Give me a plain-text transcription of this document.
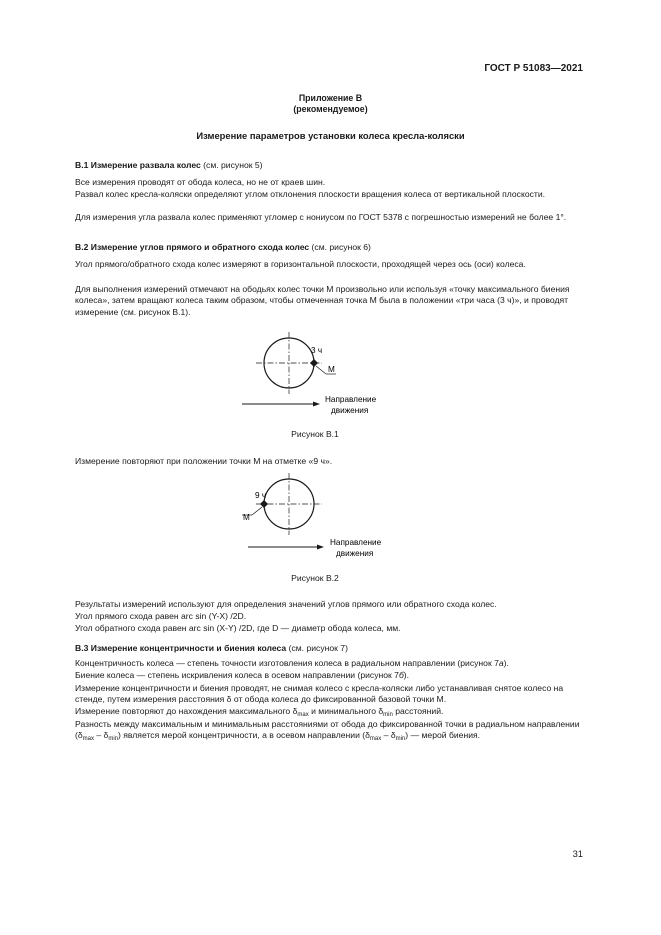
ГОСТ Р 51083—2021
Приложение В
(рекомендуемое)
Измерение параметров установки колеса кресла-коляски
В.1 Измерение развала колес (см. рисунок 5)
Все измерения проводят от обода колеса, но не от краев шин.
Развал колес кресла-коляски определяют углом отклонения плоскости вращения колеса от вертикальной плоскости.
Для измерения угла развала колес применяют угломер с нониусом по ГОСТ 5378 с погрешностью измерений не более 1°.
В.2 Измерение углов прямого и обратного схода колес (см. рисунок 6)
Угол прямого/обратного схода колес измеряют в горизонтальной плоскости, проходящей через ось (оси) колеса.
Для выполнения измерений отмечают на ободьях колес точки М произвольно или используя «точку максимального биения колеса», затем вращают колеса таким образом, чтобы отмеченная точка М была в положении «три часа (3 ч)», и проводят измерение (см. рисунок В.1).
3 ч
М
Направление
движения
Рисунок В.1
Измерение повторяют при положении точки М на отметке «9 ч».
9 ч
М
Направление
движения
Рисунок В.2
Результаты измерений используют для определения значений углов прямого или обратного схода колес.
Угол прямого схода равен arc sin (Y-X) /2D.
Угол обратного схода равен arc sin (X-Y) /2D, где D — диаметр обода колеса, мм.
В.3 Измерение концентричности и биения колеса (см. рисунок 7)
Концентричность колеса — степень точности изготовления колеса в радиальном направлении (рисунок 7а).
Биение колеса — степень искривления колеса в осевом направлении (рисунок 7б).
Измерение концентричности и биения проводят, не снимая колесо с кресла-коляски либо устанавливая снятое колесо на стенде, путем измерения расстояния δ от обода колеса до фиксированной базовой точки М.
Измерение повторяют до нахождения максимального $\delta_{max}$ и минимального $\delta_{min}$ расстояний.
Разность между максимальным и минимальным расстояниями от обода до фиксированной точки в радиальном направлении $(\delta_{max} - \delta_{min})$ является мерой концентричности, а в осевом направлении $(\delta_{max} - \delta_{min})$ — мерой биения.
31
